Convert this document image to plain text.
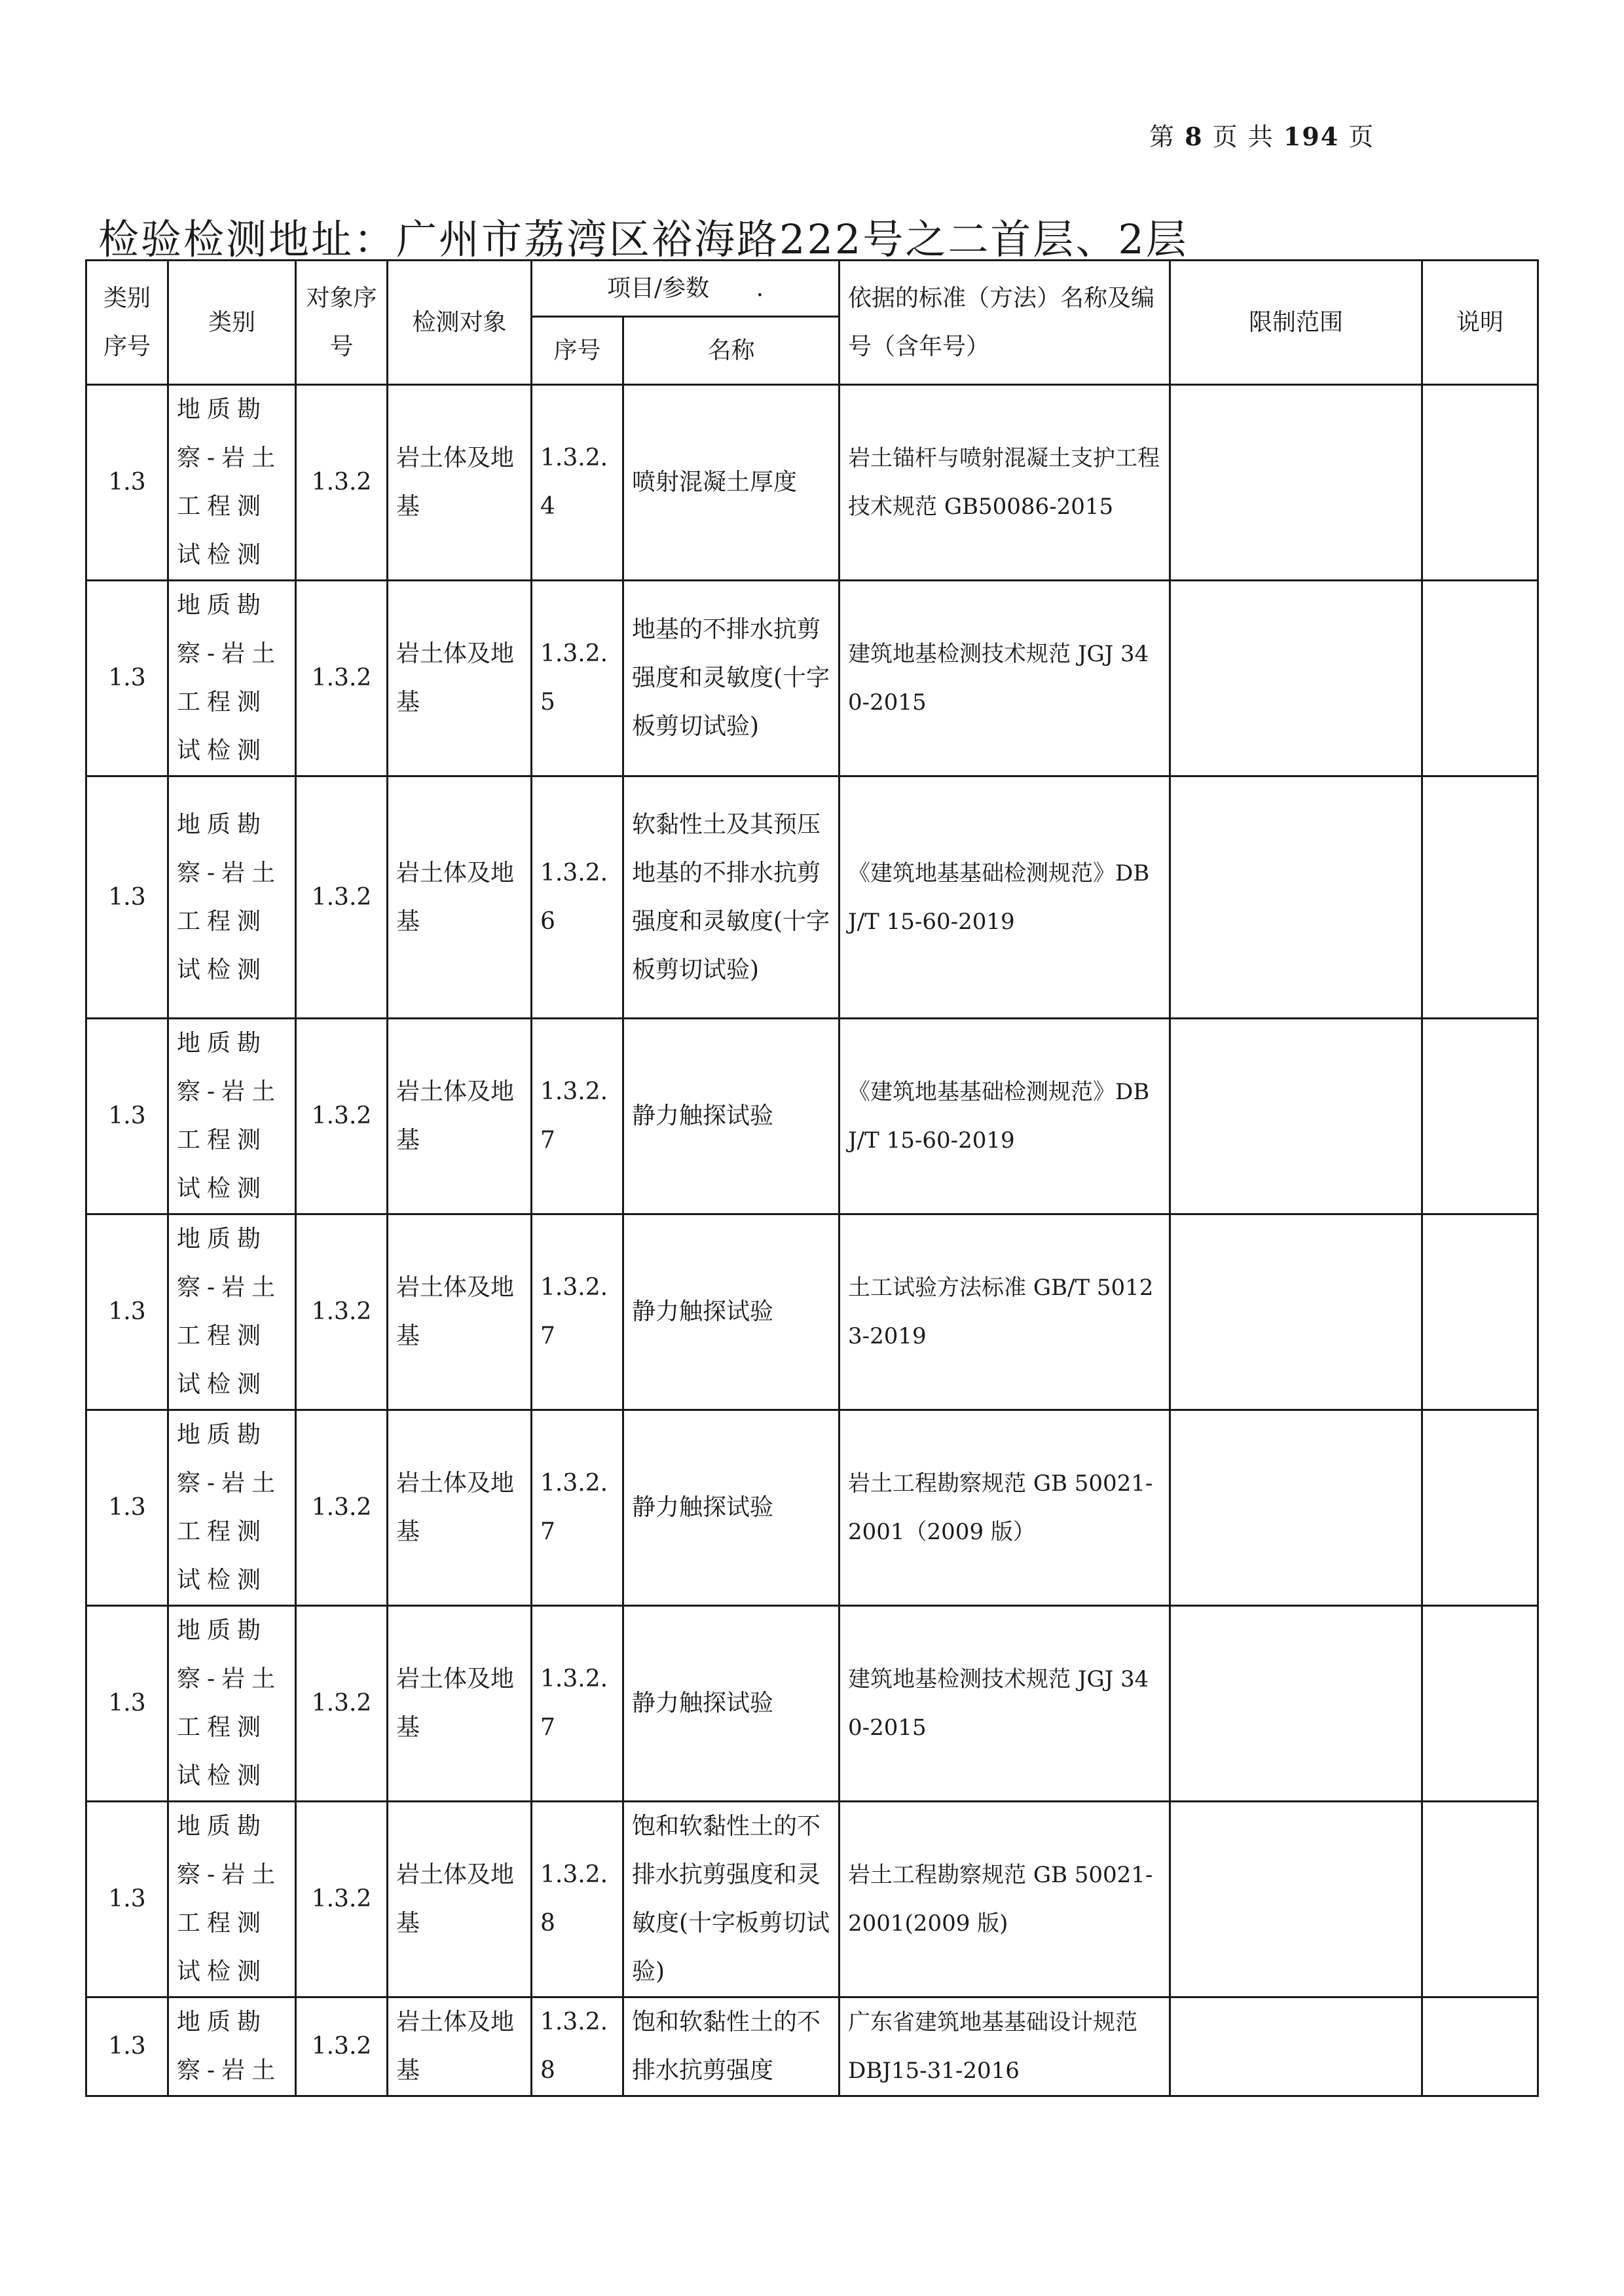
第 8 页 共 194 页
检验检测地址：广州市荔湾区裕海路222号之二首层、2层
类别序号	类别	对象序号	检测对象	项目/参数 .		依据的标准（方法）名称及编号（含年号）	限制范围	说明
				序号	名称			
1.3	地质勘察-岩土工程测试检测	1.3.2	岩土体及地基	1.3.2.4	喷射混凝土厚度	岩土锚杆与喷射混凝土支护工程技术规范 GB50086-2015		
1.3	地质勘察-岩土工程测试检测	1.3.2	岩土体及地基	1.3.2.5	地基的不排水抗剪强度和灵敏度(十字板剪切试验)	建筑地基检测技术规范 JGJ 340-2015		
1.3	地质勘察-岩土工程测试检测	1.3.2	岩土体及地基	1.3.2.6	软黏性土及其预压地基的不排水抗剪强度和灵敏度(十字板剪切试验)	《建筑地基基础检测规范》DBJ/T 15-60-2019		
1.3	地质勘察-岩土工程测试检测	1.3.2	岩土体及地基	1.3.2.7	静力触探试验	《建筑地基基础检测规范》DBJ/T 15-60-2019		
1.3	地质勘察-岩土工程测试检测	1.3.2	岩土体及地基	1.3.2.7	静力触探试验	土工试验方法标准 GB/T 50123-2019		
1.3	地质勘察-岩土工程测试检测	1.3.2	岩土体及地基	1.3.2.7	静力触探试验	岩土工程勘察规范 GB 50021-2001（2009 版）		
1.3	地质勘察-岩土工程测试检测	1.3.2	岩土体及地基	1.3.2.7	静力触探试验	建筑地基检测技术规范 JGJ 340-2015		
1.3	地质勘察-岩土工程测试检测	1.3.2	岩土体及地基	1.3.2.8	饱和软黏性土的不排水抗剪强度和灵敏度(十字板剪切试验)	岩土工程勘察规范 GB 50021-2001(2009 版)		
1.3	地质勘察-岩土	1.3.2	岩土体及地基	1.3.2.8	饱和软黏性土的不排水抗剪强度	广东省建筑地基基础设计规范 DBJ15-31-2016		
